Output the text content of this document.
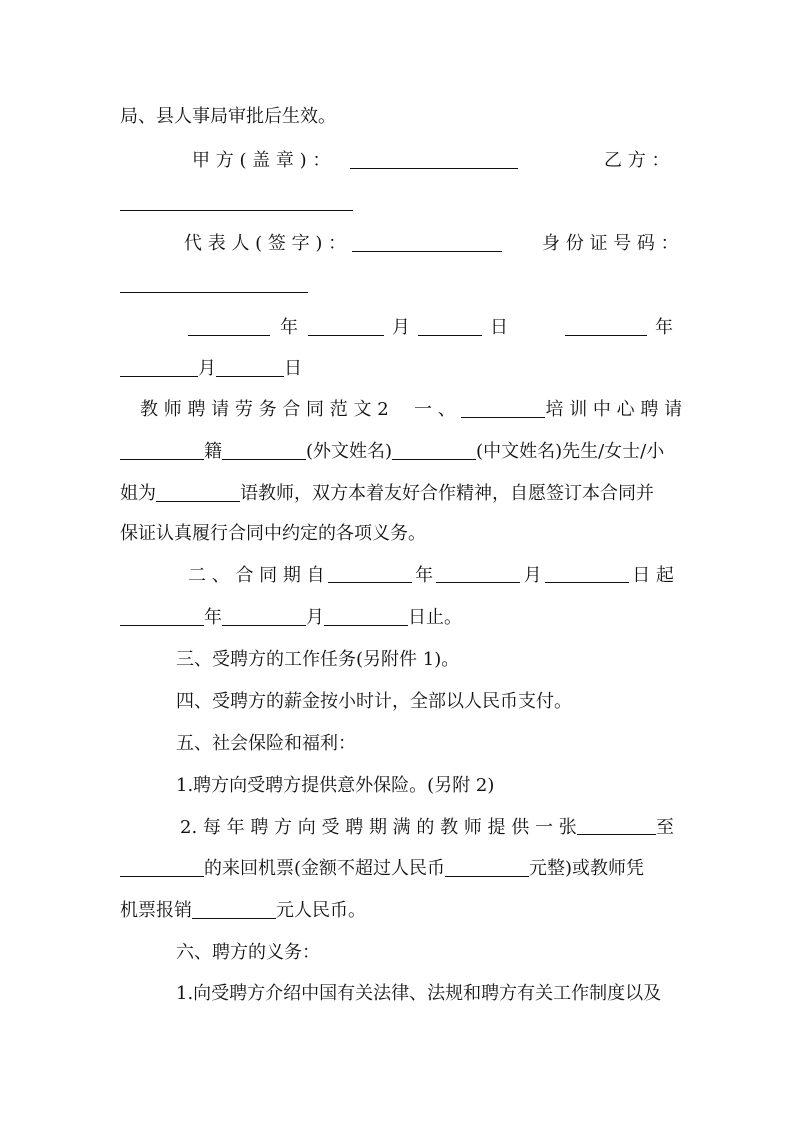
局、县人事局审批后生效。
甲 方 ( 盖 章 ) ：	乙 方 ：
代 表 人 ( 签 字 ) ：	身 份 证 号 码 ：
年	月	日	年
月	日
教 师 聘 请 劳 务 合 同 范 文 2 一 、	培 训 中 心 聘 请
籍	(外文姓名)	(中文姓名)先生/女士/小
姐为	语教师，双方本着友好合作精神，自愿签订本合同并
保证认真履行合同中约定的各项义务。
二 、 合 同 期 自	年	月	日 起
年	月	日止。
三、受聘方的工作任务(另附件 1)。
四、受聘方的薪金按小时计，全部以人民币支付。
五、社会保险和福利：
1.聘方向受聘方提供意外保险。(另附 2)
2. 每 年 聘 方 向 受 聘 期 满 的 教 师 提 供 一 张	至
的来回机票(金额不超过人民币	元整)或教师凭
机票报销	元人民币。
六、聘方的义务：
1.向受聘方介绍中国有关法律、法规和聘方有关工作制度以及
